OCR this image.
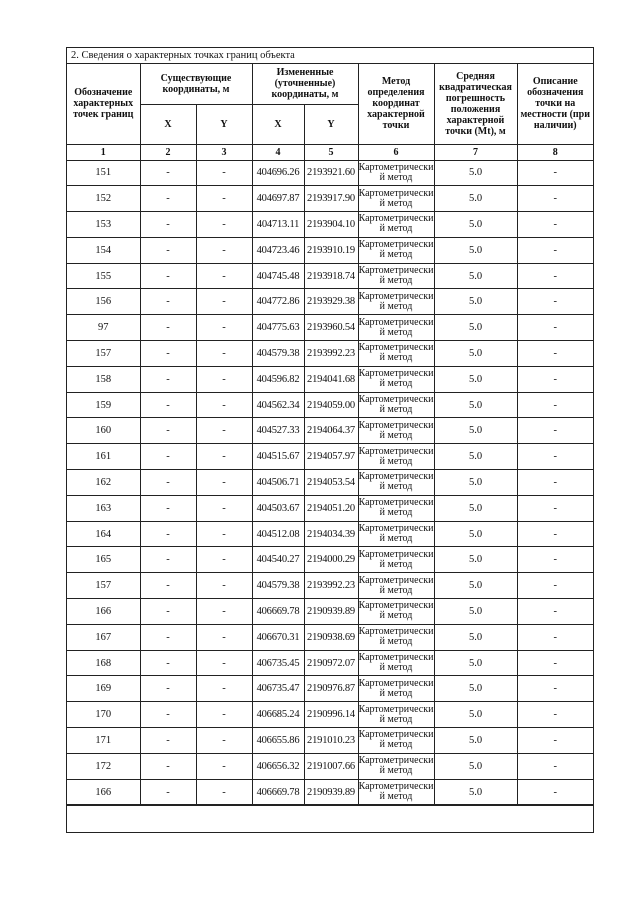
2. Сведения о характерных точках границ объекта
Обозначение характерных точек границ	Существующие координаты, м		Измененные (уточненные) координаты, м		Метод определения координат характерной точки	Средняя квадратическая погрешность положения характерной точки (Mt), м	Описание обозначения точки на местности (при наличии)
	X	Y	X	Y			
1	2	3	4	5	6	7	8
151	-	-	404696.26	2193921.60	Картометрический метод	5.0	-
152	-	-	404697.87	2193917.90	Картометрический метод	5.0	-
153	-	-	404713.11	2193904.10	Картометрический метод	5.0	-
154	-	-	404723.46	2193910.19	Картометрический метод	5.0	-
155	-	-	404745.48	2193918.74	Картометрический метод	5.0	-
156	-	-	404772.86	2193929.38	Картометрический метод	5.0	-
97	-	-	404775.63	2193960.54	Картометрический метод	5.0	-
157	-	-	404579.38	2193992.23	Картометрический метод	5.0	-
158	-	-	404596.82	2194041.68	Картометрический метод	5.0	-
159	-	-	404562.34	2194059.00	Картометрический метод	5.0	-
160	-	-	404527.33	2194064.37	Картометрический метод	5.0	-
161	-	-	404515.67	2194057.97	Картометрический метод	5.0	-
162	-	-	404506.71	2194053.54	Картометрический метод	5.0	-
163	-	-	404503.67	2194051.20	Картометрический метод	5.0	-
164	-	-	404512.08	2194034.39	Картометрический метод	5.0	-
165	-	-	404540.27	2194000.29	Картометрический метод	5.0	-
157	-	-	404579.38	2193992.23	Картометрический метод	5.0	-
166	-	-	406669.78	2190939.89	Картометрический метод	5.0	-
167	-	-	406670.31	2190938.69	Картометрический метод	5.0	-
168	-	-	406735.45	2190972.07	Картометрический метод	5.0	-
169	-	-	406735.47	2190976.87	Картометрический метод	5.0	-
170	-	-	406685.24	2190996.14	Картометрический метод	5.0	-
171	-	-	406655.86	2191010.23	Картометрический метод	5.0	-
172	-	-	406656.32	2191007.66	Картометрический метод	5.0	-
166	-	-	406669.78	2190939.89	Картометрический метод	5.0	-
